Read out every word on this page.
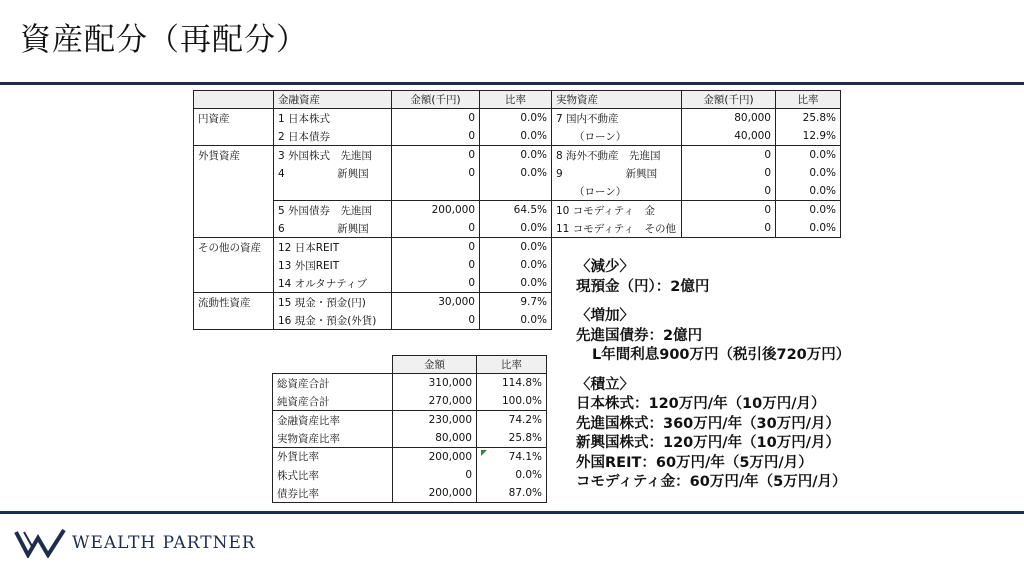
資産配分（再配分）
	金融資産	金額(千円)	比率	実物資産	金額(千円)	比率
円資産	1 日本株式	0	0.0%	7 国内不動産	80,000	25.8%
	2 日本債券	0	0.0%	（ローン）	40,000	12.9%
外貨資産	3 外国株式　先進国	0	0.0%	8 海外不動産　先進国	0	0.0%
	4　　　　　新興国	0	0.0%	9　　　　　　新興国	0	0.0%
				（ローン）	0	0.0%
	5 外国債券　先進国	200,000	64.5%	10 コモディティ　金	0	0.0%
	6　　　　　新興国	0	0.0%	11 コモディティ　その他	0	0.0%
その他の資産	12 日本REIT	0	0.0%			
	13 外国REIT	0	0.0%			
	14 オルタナティブ	0	0.0%			
流動性資産	15 現金・預金(円)	30,000	9.7%			
	16 現金・預金(外貨)	0	0.0%			
	金額	比率
総資産合計	310,000	114.8%
純資産合計	270,000	100.0%
金融資産比率	230,000	74.2%
実物資産比率	80,000	25.8%
外貨比率	200,000	74.1%
株式比率	0	0.0%
債券比率	200,000	87.0%
〈減少〉
現預金（円）：2億円
〈増加〉
先進国債券：2億円
L年間利息900万円（税引後720万円）
〈積立〉
日本株式：120万円/年（10万円/月）
先進国株式：360万円/年（30万円/月）
新興国株式：120万円/年（10万円/月）
外国REIT：60万円/年（5万円/月）
コモディティ金：60万円/年（5万円/月）
WEALTH PARTNER
